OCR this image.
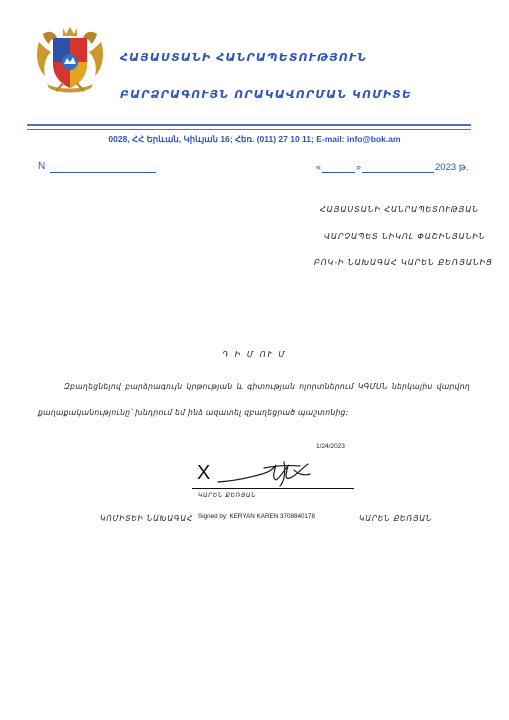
ՀԱՅԱՍՏԱՆԻ ՀԱՆՐԱՊԵՏՈՒԹՅՈՒՆ
ԲԱՐՁՐԱԳՈՒՅՆ ՈՐԱԿԱՎՈՐՄԱՆ ԿՈՄԻՏԵ
0028, ՀՀ Երևան, Կիևյան 16; Հեռ. (011) 27 10 11; E-mail: info@bok.am
N	«	»	2023 թ.
ՀԱՅԱՍՏԱՆԻ ՀԱՆՐԱՊԵՏՈՒԹՅԱՆ
ՎԱՐՉԱՊԵՏ ՆԻԿՈԼ ՓԱՇԻՆՅԱՆԻՆ
ԲՈԿ-Ի ՆԱԽԱԳԱՀ ԿԱՐԵՆ ՔԵՌՅԱՆԻՑ
Դ Ի Մ ՈՒ Մ
Զբաղեցնելով բարձրագույն կրթության և գիտության ոլորտներում ԿԳՄՍՆ ներկայիս վարվող
քաղաքականությունը՝ խնդրում եմ ինձ ազատել զբաղեցրած պաշտոնից:
1/24/2023
X
ԿԱՐԵՆ ՔԵՌՅԱՆ
Signed by: KERYAN KAREN 3708840178
ԿՈՄԻՏԵԻ ՆԱԽԱԳԱՀ	ԿԱՐԵՆ ՔԵՌՅԱՆ
